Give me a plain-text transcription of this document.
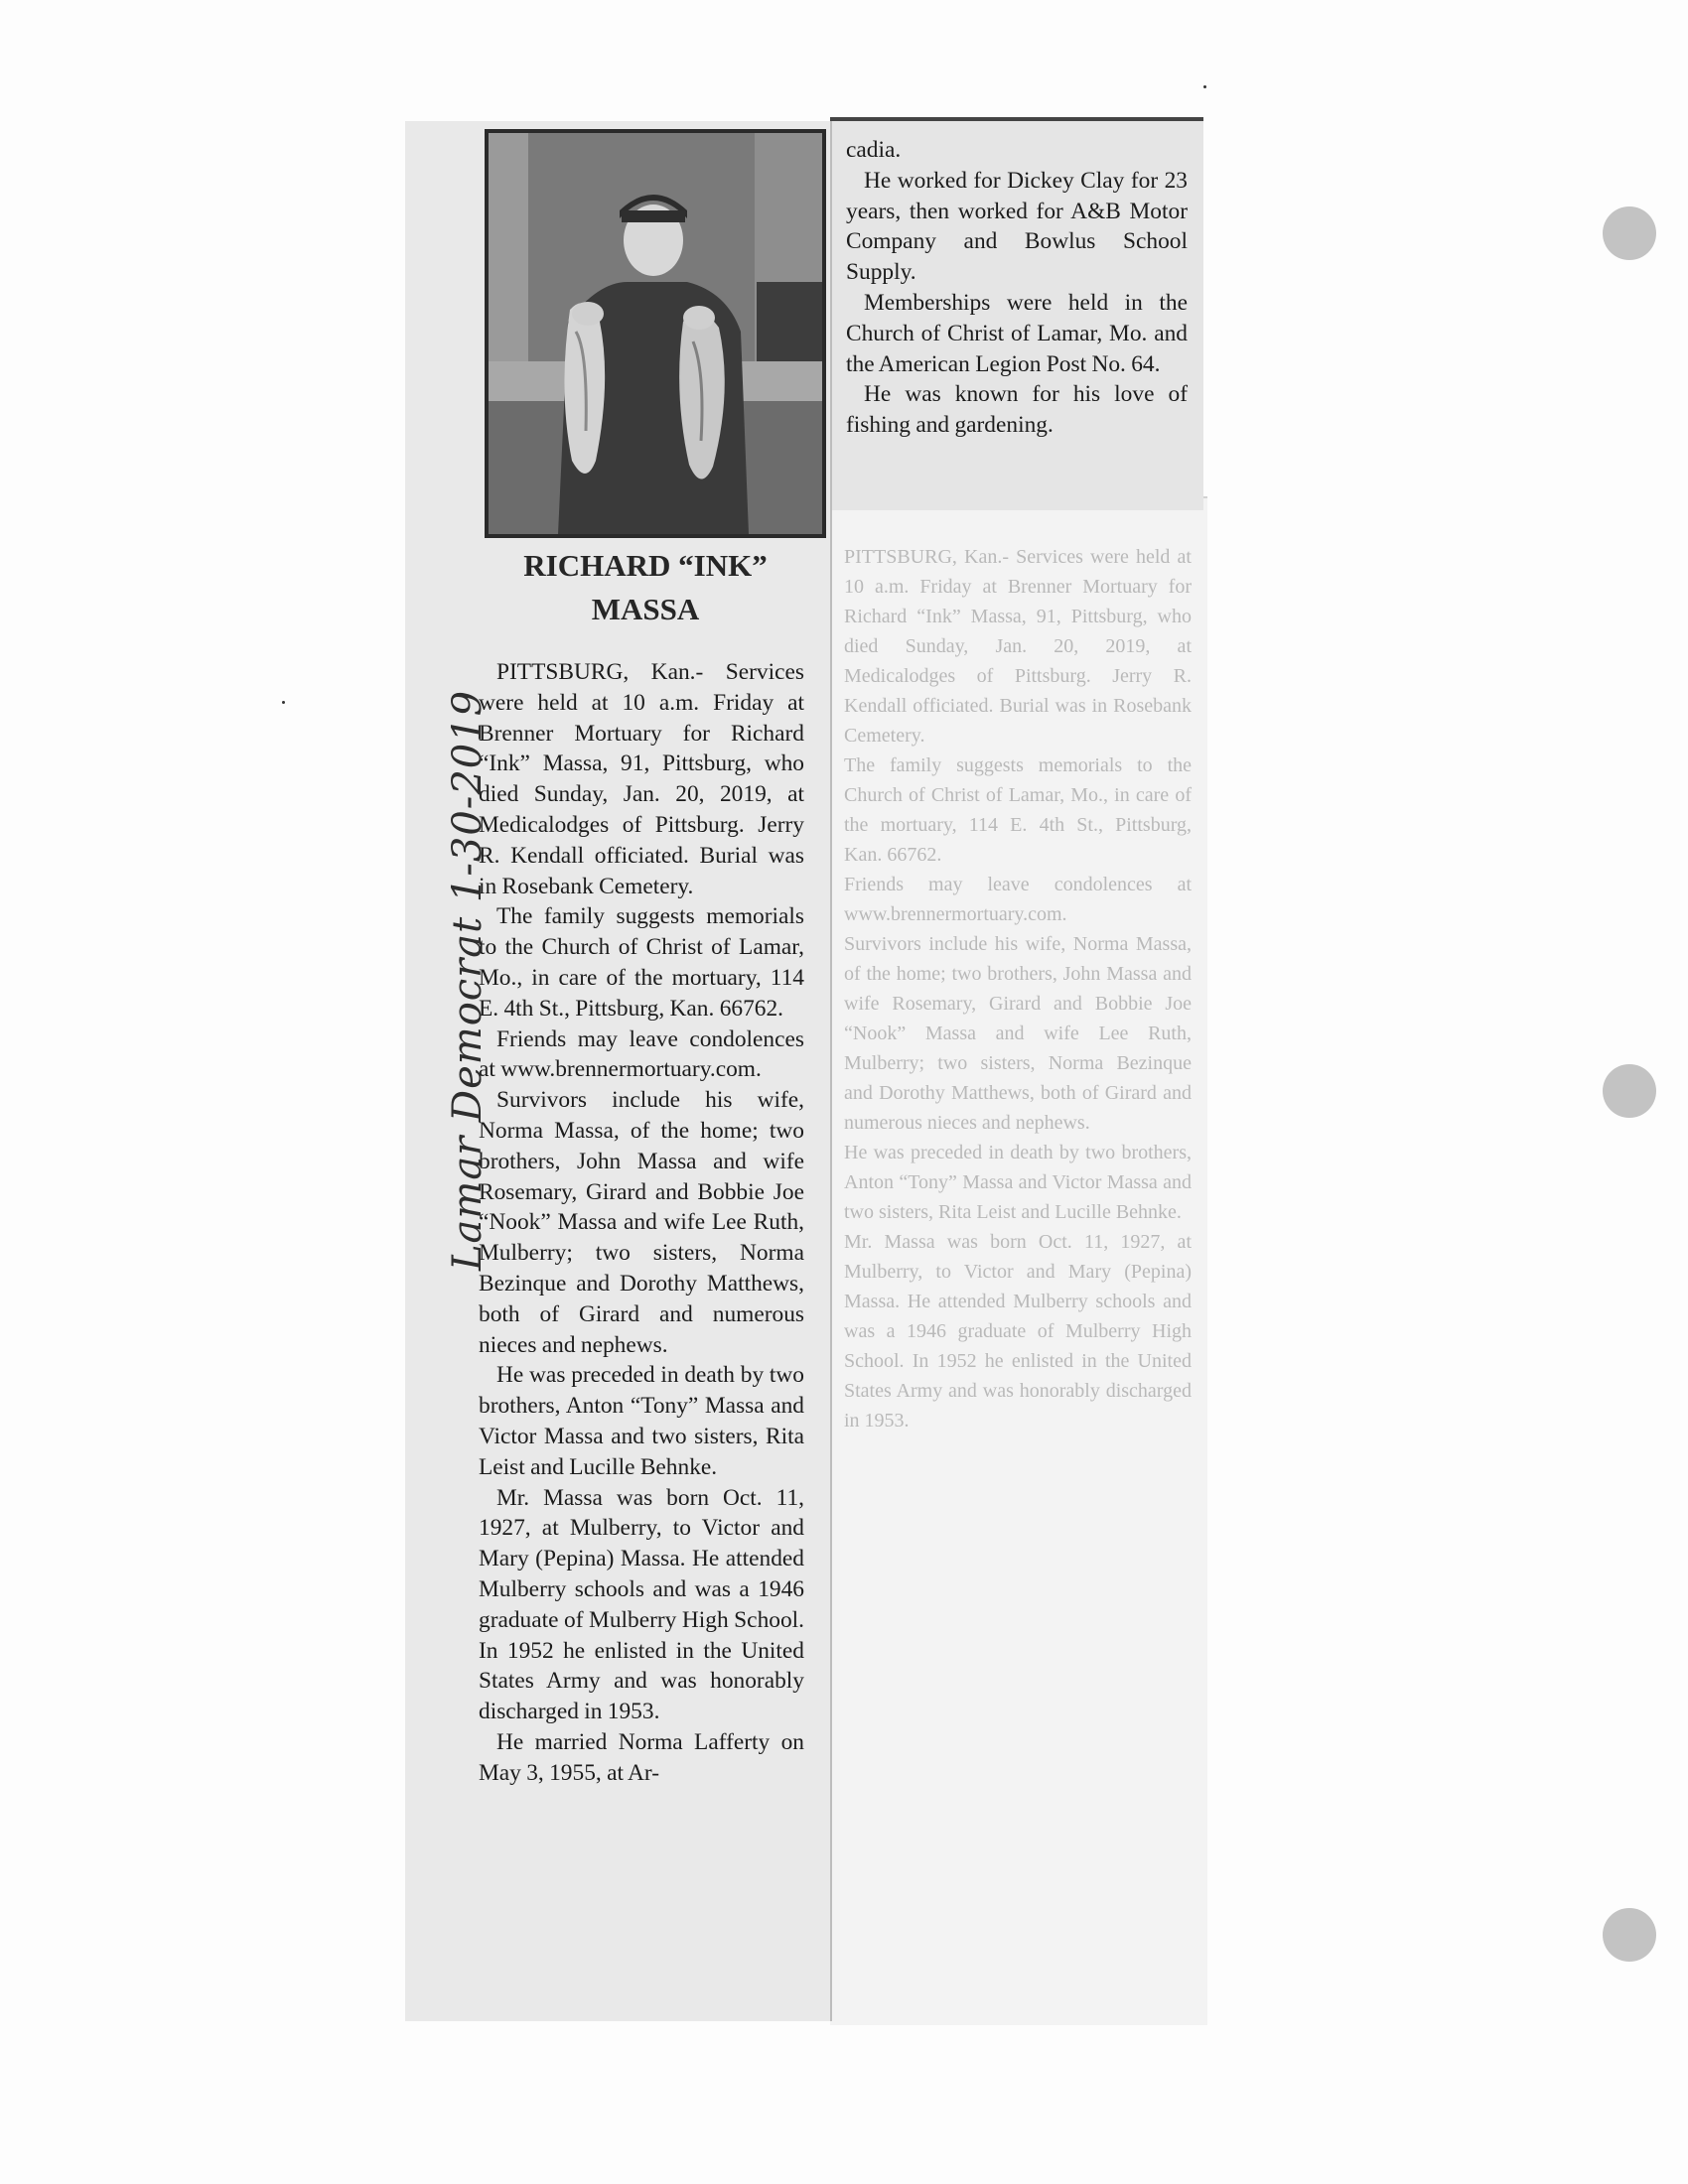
PITTSBURG, Kan.- Services were held at 10 a.m. Friday at Brenner Mortuary for Richard “Ink” Massa, 91, Pittsburg, who died Sunday, Jan. 20, 2019, at Medicalodges of Pittsburg. Jerry R. Kendall officiated. Burial was in Rosebank Cemetery.
The family suggests memorials to the Church of Christ of Lamar, Mo., in care of the mortuary, 114 E. 4th St., Pittsburg, Kan. 66762.
Friends may leave condolences at www.brennermortuary.com.
Survivors include his wife, Norma Massa, of the home; two brothers, John Massa and wife Rosemary, Girard and Bobbie Joe “Nook” Massa and wife Lee Ruth, Mulberry; two sisters, Norma Bezinque and Dorothy Matthews, both of Girard and numerous nieces and nephews.
He was preceded in death by two brothers, Anton “Tony” Massa and Victor Massa and two sisters, Rita Leist and Lucille Behnke.
Mr. Massa was born Oct. 11, 1927, at Mulberry, to Victor and Mary (Pepina) Massa. He attended Mulberry schools and was a 1946 graduate of Mulberry High School. In 1952 he enlisted in the United States Army and was honorably discharged in 1953.
RICHARD “INK”
MASSA

PITTSBURG, Kan.- Services were held at 10 a.m. Friday at Brenner Mortuary for Richard “Ink” Massa, 91, Pittsburg, who died Sunday, Jan. 20, 2019, at Medicalodges of Pittsburg. Jerry R. Kendall officiated. Burial was in Rosebank Cemetery.

The family suggests memorials to the Church of Christ of Lamar, Mo., in care of the mortuary, 114 E. 4th St., Pittsburg, Kan. 66762.

Friends may leave condolences at www.brennermortuary.com.

Survivors include his wife, Norma Massa, of the home; two brothers, John Massa and wife Rosemary, Girard and Bobbie Joe “Nook” Massa and wife Lee Ruth, Mulberry; two sisters, Norma Bezinque and Dorothy Matthews, both of Girard and numerous nieces and nephews.

He was preceded in death by two brothers, Anton “Tony” Massa and Victor Massa and two sisters, Rita Leist and Lucille Behnke.

Mr. Massa was born Oct. 11, 1927, at Mulberry, to Victor and Mary (Pepina) Massa. He attended Mulberry schools and was a 1946 graduate of Mulberry High School. In 1952 he enlisted in the United States Army and was honorably discharged in 1953.

He married Norma Lafferty on May 3, 1955, at Ar-

cadia.

He worked for Dickey Clay for 23 years, then worked for A&B Motor Company and Bowlus School Supply.

Memberships were held in the Church of Christ of Lamar, Mo. and the American Legion Post No. 64.

He was known for his love of fishing and gardening.

Lamar Democrat 1-30-2019
